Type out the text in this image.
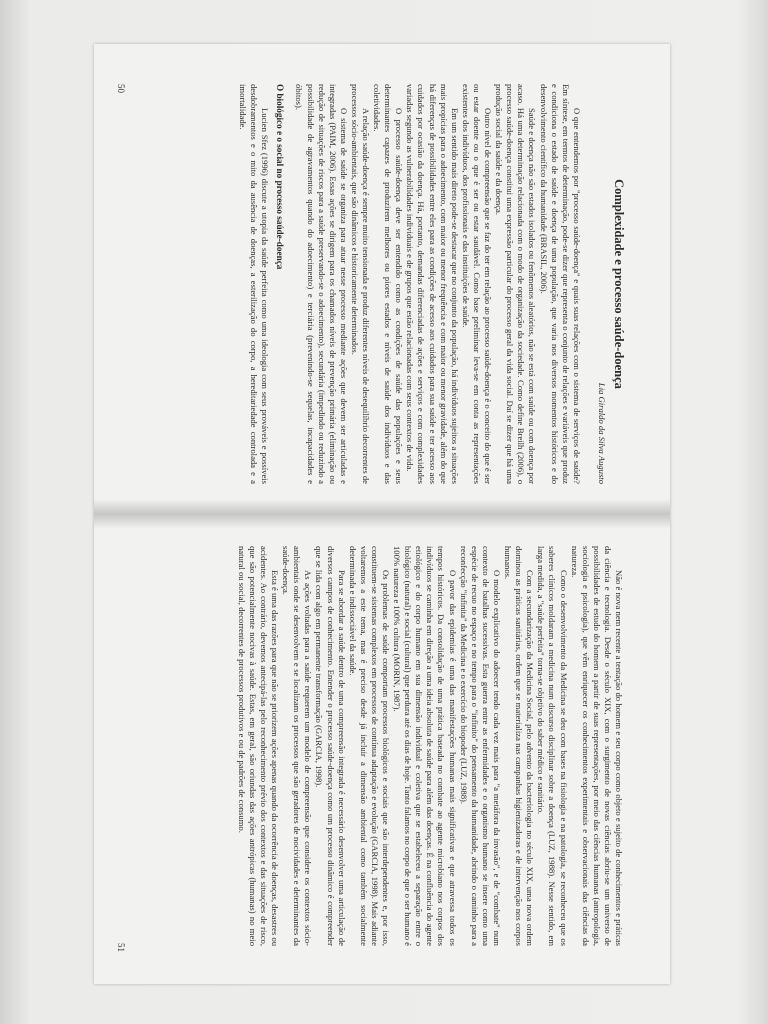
Complexidade e processo saúde-doença
Lia Giraldo da Silva Augusto

O que entendemos por "processo saúde-doença" e quais suas relações com o sistema de serviços de saúde? Em síntese, em termos de determinação, pode-se dizer que representa o conjunto de relações e variáveis que produz e condiciona o estado de saúde e doença de uma população, que varia nos diversos momentos históricos e do desenvolvimento científico da humanidade (BRASIL, 2006).

Saúde e doença não são estados isolados ou fenômenos aleatórios, não se está com saúde ou com doença por acaso. Há uma determinação relacionada com o modo de organização da sociedade. Como define Breilh (2006), o processo saúde-doença constitui uma expressão particular do processo geral da vida social. Daí se dizer que há uma produção social da saúde e da doença.

Outro nível de compreensão que se faz do ter em relação ao processo saúde-doença é o conceito do que é ser ou estar doente ou o que é ser ou estar saudável. Como base preliminar leva-se em conta as representações existentes dos indivíduos, dos profissionais e das instituições de saúde.

Em um sentido mais direto pode-se destacar que no conjunto da população, há indivíduos sujeitos a situações mais propícias para o adoecimento, com maior ou menor frequência e com maior ou menor gravidade, além do que há diferenças de possibilidades entre eles para as condições de acesso aos cuidados para sua saúde e ter acesso aos cuidados por ocasião da doença. Há, portanto, demandas diferenciadas de ações e serviços e com complexidades variadas segundo as vulnerabilidades individuais e de grupos que estão relacionadas com seus contextos de vida.

O processo saúde-doença deve ser entendido como as condições de saúde das populações e seus determinantes capazes de produzirem melhores ou piores estados e níveis de saúde dos indivíduos e das coletividades.

A relação saúde-doença é sempre muito tensionada e produz diferentes níveis de desequilíbrio decorrentes de processos sócio-ambientais, que são dinâmicos e historicamente determinados.

O sistema de saúde se organiza para atuar nesse processo mediante ações que devem ser articuladas e integradas (PAIM, 2006). Essas ações se dirigem para os chamados níveis de prevenção primária (eliminação ou redução de situações de riscos para a saúde preservando-se o adoecimento), secundária (impedindo ou reduzindo a possibilidade de agravamentos quando do adoecimento) e terciária (prevenindo-se sequelas, incapacidades e óbitos).

O biológico e o social no processo saúde-doença

Lucien Sfez (1996) discute a utopia da saúde perfeita como uma ideologia com seus prováveis e possíveis desdobramentos e o mito da ausência de doenças, a esterilização do corpo, a hereditariedade controlada e a imortalidade.

50

Não é nova nem recente a tentação do homem e seu corpo como objeto e sujeito de conhecimentos e práticas da ciência e tecnologia. Desde o século XIX, com o surgimento de novas ciências abriu-se um universo de possibilidades de estudo do homem a partir de suas representações, por meio das ciências humanas (antropologia, sociologia e psicologia), que vêm enriquecer os conhecimentos experimentais e observacionais das ciências da natureza.

Como o desenvolvimento da Medicina se deu com bases na fisiologia e na patologia, se reconheceu que os saberes clínicos moldaram a medicina num discurso disciplinar sobre a doença (LUZ, 1988). Nesse sentido, em larga medida, a "saúde perfeita" torna-se objetivo do saber médico e sanitário.

Com a secundarização da Medicina Social, pelo advento da bacteriologia no século XIX, uma nova ordem dominou as práticas sanitárias, ordem que se materializa nas campanhas higienizadoras e de intervenção nos corpos humanos.

O modelo explicativo do adoecer tendo cada vez mais para "a metáfora da invasão", e de "combate" num contexto de batalhas sucessivas. Esta guerra entre as enfermidades e o organismo humano se insere como uma espécie de recuo no espaço e no tempo para o "infinito" do pensamento da humanidade, abrindo o caminho para a reconfecção "infinita" da Medicina e o exercício do biopoder (LUZ, 1988).

O pavor das epidemias é uma das manifestações humanas mais significativas e que atravessa todos os tempos históricos. Da consolidação de uma prática baseada no combate ao agente microbiano nos corpos dos indivíduos se caminha em direção a uma ideia absoluta de saúde para além das doenças. É na confluência do agente etiológico e do corpo humano em sua dimensão individual e coletiva que se estabeleceu a separação entre o biológico (natural) e social (cultural) que perdura até os dias de hoje. Tanto falamos no corpo de que o ser humano é 100% natureza e 100% cultura (MORIN, 1987).

Os problemas de saúde comportam processos biológicos e sociais que são interdependentes e, por isso, constituem-se sistemas complexos em processos de contínua adaptação e evolução (GARCIA, 1998). Mais adiante voltaremos a este tema, mas é preciso desde já incluir a dimensão ambiental como também socialmente determinada e indissociável da saúde.

Para se abordar a saúde dentro de uma compreensão integrada é necessário desenvolver uma articulação de diversos campos de conhecimento. Entender o processo saúde-doença como um processo dinâmico é compreender que se lida com algo em permanente transformação (GARCIA, 1998).

As ações voltadas para a saúde requerem um modelo de compreensão que considere os contextos sócio-ambientais onde se desenvolvem e se localizam os processos que são geradores de nocividades e determinantes da saúde-doença.

Esta é uma das razões para que não se priorizem ações apenas quando da ocorrência de doenças, desastres ou acidentes. Ao contrário, devemos antecipá-las pelo reconhecimento prévio dos contextos e das situações de risco, que são potencialmente nocivas à saúde. Estas, em geral, são oriundas das ações antrópicas (humanas) no meio natural ou social, decorrentes de processos produtivos e ou de padrões de consumo.

51
